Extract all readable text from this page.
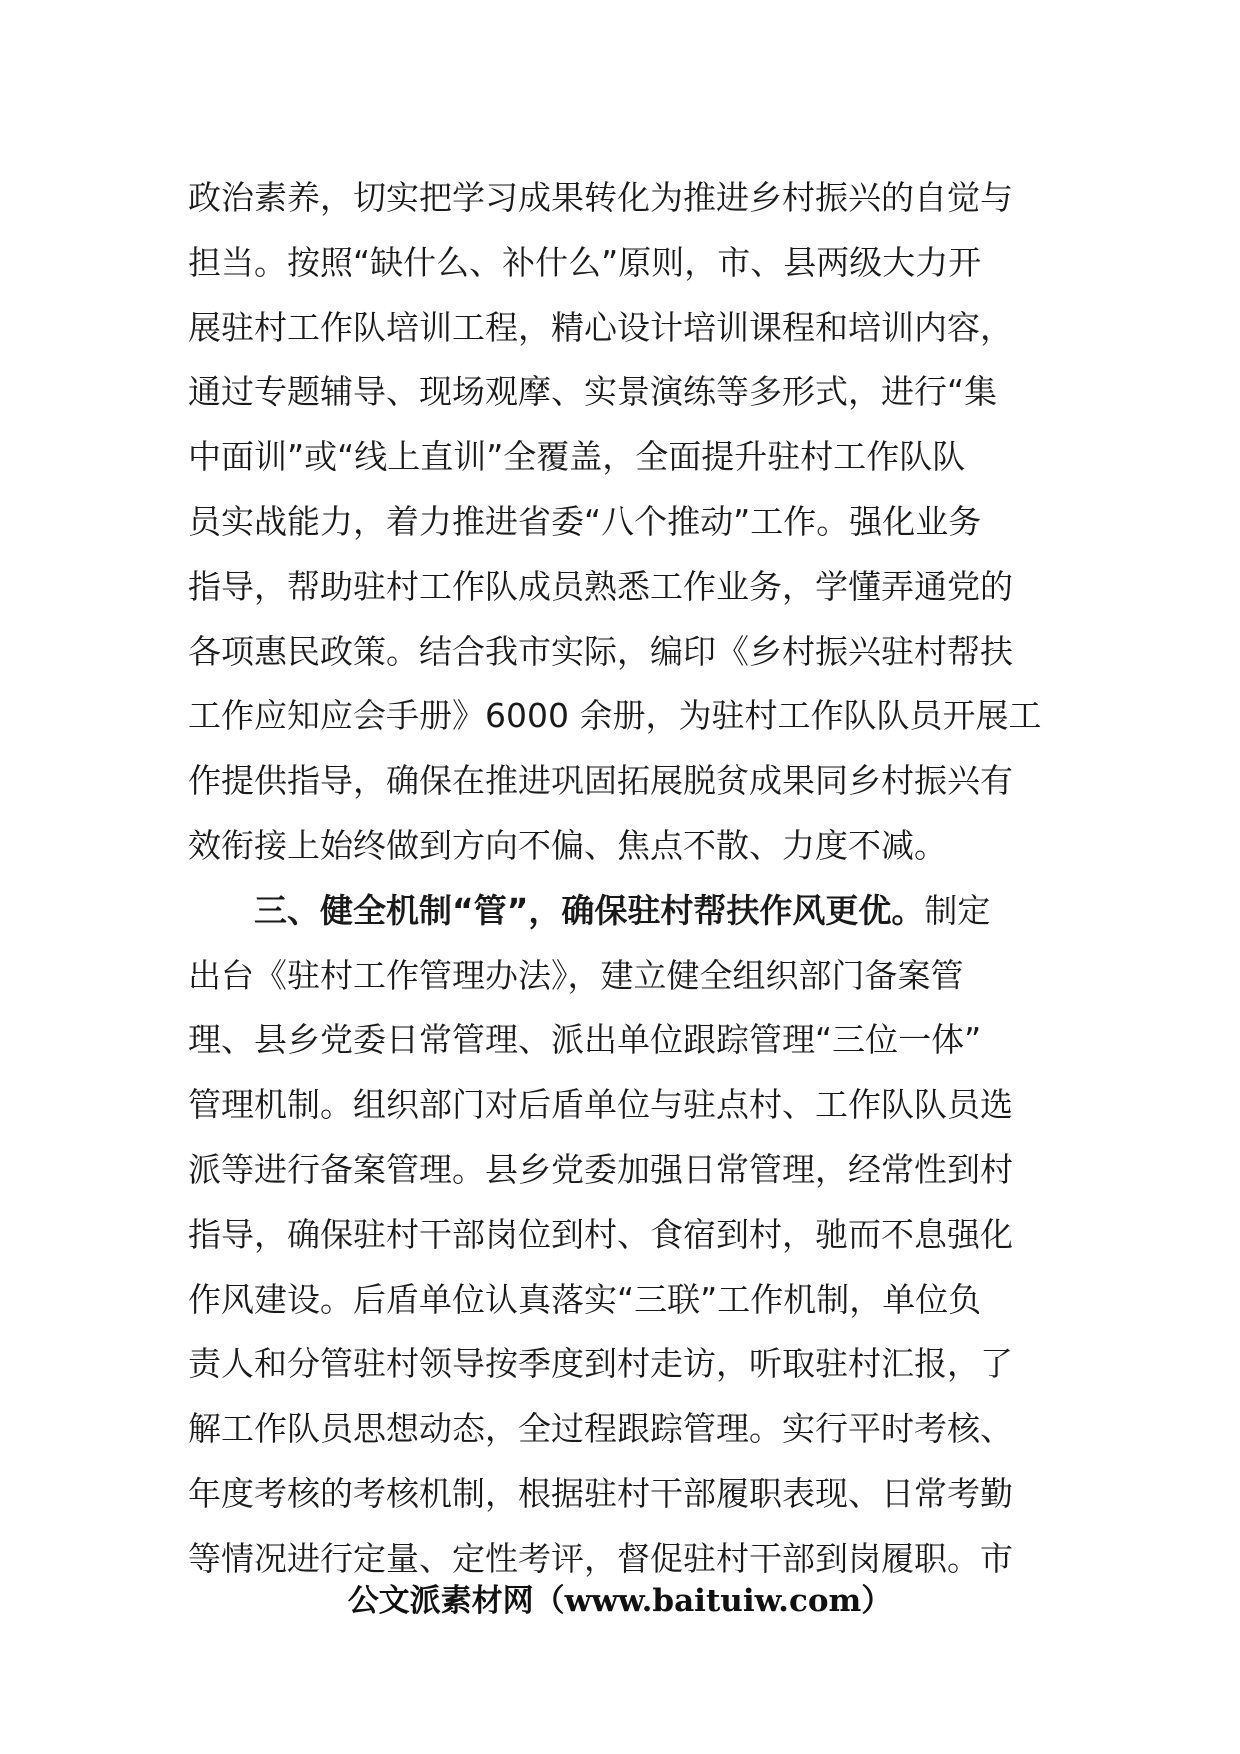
政治素养，切实把学习成果转化为推进乡村振兴的自觉与
担当。按照“缺什么、补什么”原则，市、县两级大力开
展驻村工作队培训工程，精心设计培训课程和培训内容，
通过专题辅导、现场观摩、实景演练等多形式，进行“集
中面训”或“线上直训”全覆盖，全面提升驻村工作队队
员实战能力，着力推进省委“八个推动”工作。强化业务
指导，帮助驻村工作队成员熟悉工作业务，学懂弄通党的
各项惠民政策。结合我市实际，编印《乡村振兴驻村帮扶
工作应知应会手册》6000 余册，为驻村工作队队员开展工
作提供指导，确保在推进巩固拓展脱贫成果同乡村振兴有
效衔接上始终做到方向不偏、焦点不散、力度不减。
三、健全机制“管”，确保驻村帮扶作风更优。制定
出台《驻村工作管理办法》，建立健全组织部门备案管
理、县乡党委日常管理、派出单位跟踪管理“三位一体”
管理机制。组织部门对后盾单位与驻点村、工作队队员选
派等进行备案管理。县乡党委加强日常管理，经常性到村
指导，确保驻村干部岗位到村、食宿到村，驰而不息强化
作风建设。后盾单位认真落实“三联”工作机制，单位负
责人和分管驻村领导按季度到村走访，听取驻村汇报，了
解工作队员思想动态，全过程跟踪管理。实行平时考核、
年度考核的考核机制，根据驻村干部履职表现、日常考勤
等情况进行定量、定性考评，督促驻村干部到岗履职。市
公文派素材网（www.baituiw.com）
